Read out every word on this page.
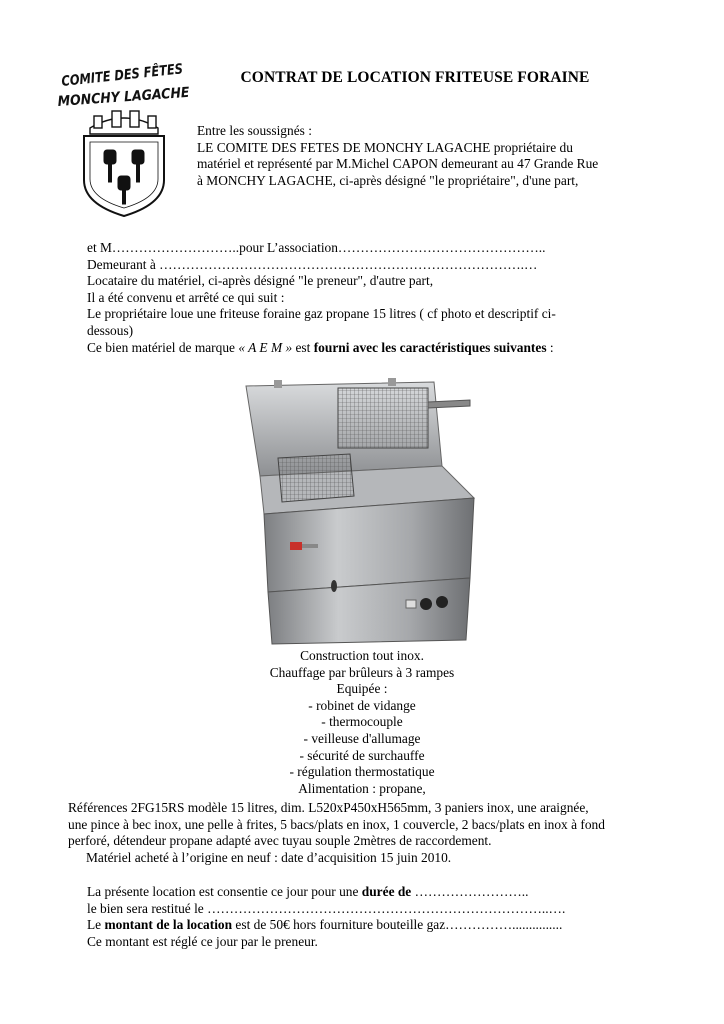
COMITE DES FÊTES
MONCHY LAGACHE
CONTRAT DE LOCATION FRITEUSE FORAINE

Entre les soussignés :

LE COMITE DES FETES DE MONCHY LAGACHE propriétaire du

matériel et représenté par M.Michel CAPON demeurant au 47 Grande Rue

à MONCHY LAGACHE, ci-après désigné "le propriétaire", d'une part,

et M………………………..pour L’association………………………………………..

Demeurant à ……………………………………………………………………….…

Locataire du matériel, ci-après désigné "le preneur", d'autre part,

Il a été convenu et arrêté ce qui suit :

Le propriétaire loue une friteuse foraine gaz propane 15 litres ( cf photo et descriptif ci-

dessous)

Ce bien matériel de marque « A E M » est fourni avec les caractéristiques suivantes :

Construction tout inox.

Chauffage par brûleurs à 3 rampes

Equipée :

- robinet de vidange

- thermocouple

- veilleuse d'allumage

- sécurité de surchauffe

- régulation thermostatique

Alimentation : propane,

Références 2FG15RS modèle 15 litres, dim. L520xP450xH565mm, 3 paniers inox, une araignée,

une pince à bec inox, une pelle à frites, 5 bacs/plats en inox, 1 couvercle, 2 bacs/plats en inox à fond

perforé, détendeur propane adapté avec tuyau souple 2mètres de raccordement.

Matériel acheté à l’origine en neuf : date d’acquisition 15 juin 2010.

La présente location est consentie ce jour pour une durée de ……………………..

le bien sera restitué le …………………………………………………………………..….

Le montant de la location est de 50€ hors fourniture bouteille gaz……………...............

Ce montant est réglé ce jour par le preneur.
